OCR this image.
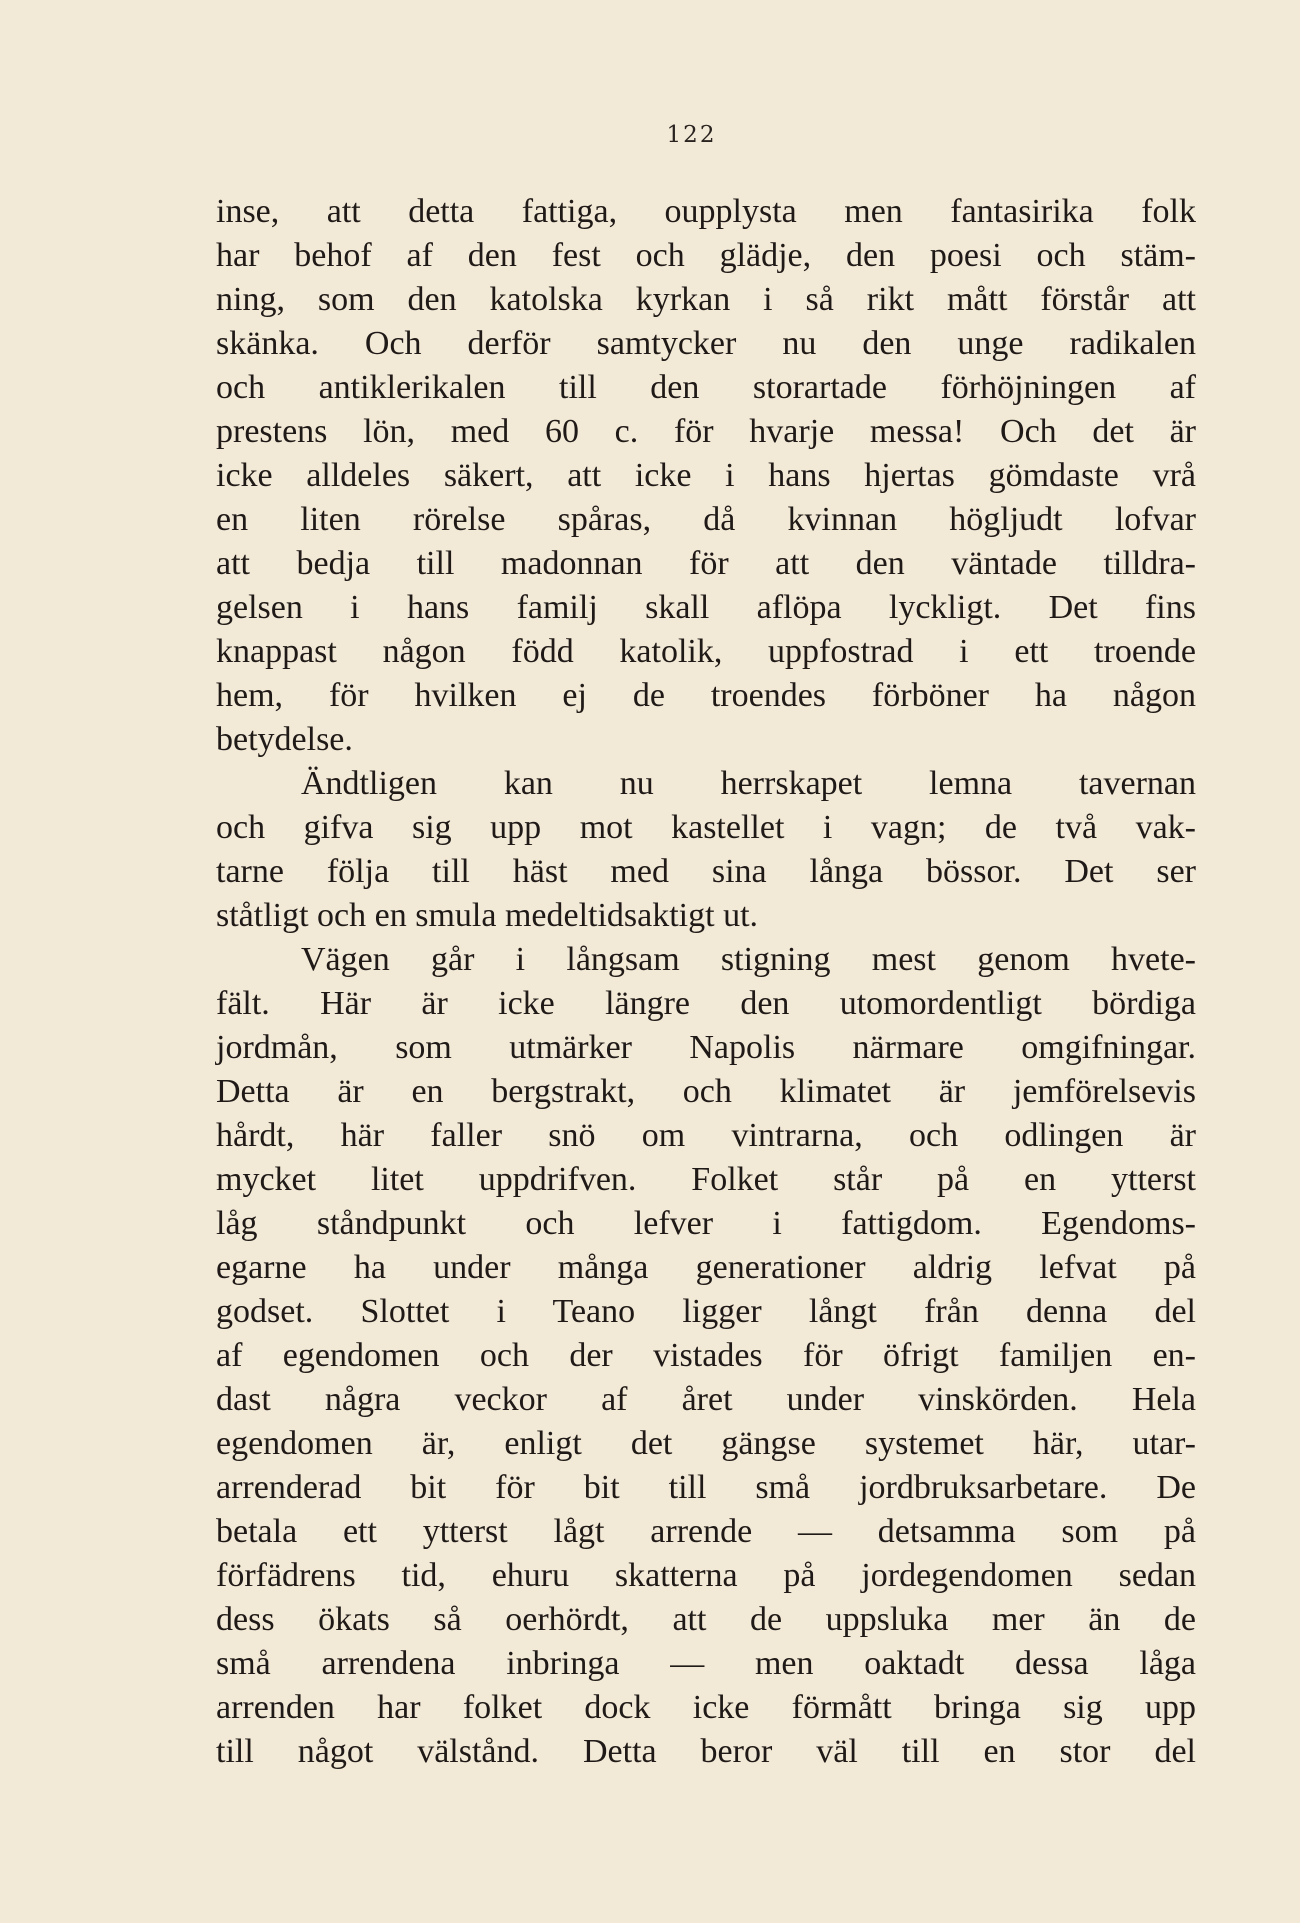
122
inse, att detta fattiga, oupplysta men fantasirika folk
har behof af den fest och glädje, den poesi och stäm-
ning, som den katolska kyrkan i så rikt mått förstår att
skänka. Och derför samtycker nu den unge radikalen
och antiklerikalen till den storartade förhöjningen af
prestens lön, med 60 c. för hvarje messa! Och det är
icke alldeles säkert, att icke i hans hjertas gömdaste vrå
en liten rörelse spåras, då kvinnan högljudt lofvar
att bedja till madonnan för att den väntade tilldra-
gelsen i hans familj skall aflöpa lyckligt. Det fins
knappast någon född katolik, uppfostrad i ett troende
hem, för hvilken ej de troendes förböner ha någon
betydelse.
Ändtligen kan nu herrskapet lemna tavernan
och gifva sig upp mot kastellet i vagn; de två vak-
tarne följa till häst med sina långa bössor. Det ser
ståtligt och en smula medeltidsaktigt ut.
Vägen går i långsam stigning mest genom hvete-
fält. Här är icke längre den utomordentligt bördiga
jordmån, som utmärker Napolis närmare omgifningar.
Detta är en bergstrakt, och klimatet är jemförelsevis
hårdt, här faller snö om vintrarna, och odlingen är
mycket litet uppdrifven. Folket står på en ytterst
låg ståndpunkt och lefver i fattigdom. Egendoms-
egarne ha under många generationer aldrig lefvat på
godset. Slottet i Teano ligger långt från denna del
af egendomen och der vistades för öfrigt familjen en-
dast några veckor af året under vinskörden. Hela
egendomen är, enligt det gängse systemet här, utar-
arrenderad bit för bit till små jordbruksarbetare. De
betala ett ytterst lågt arrende — detsamma som på
förfädrens tid, ehuru skatterna på jordegendomen sedan
dess ökats så oerhördt, att de uppsluka mer än de
små arrendena inbringa — men oaktadt dessa låga
arrenden har folket dock icke förmått bringa sig upp
till något välstånd. Detta beror väl till en stor del
